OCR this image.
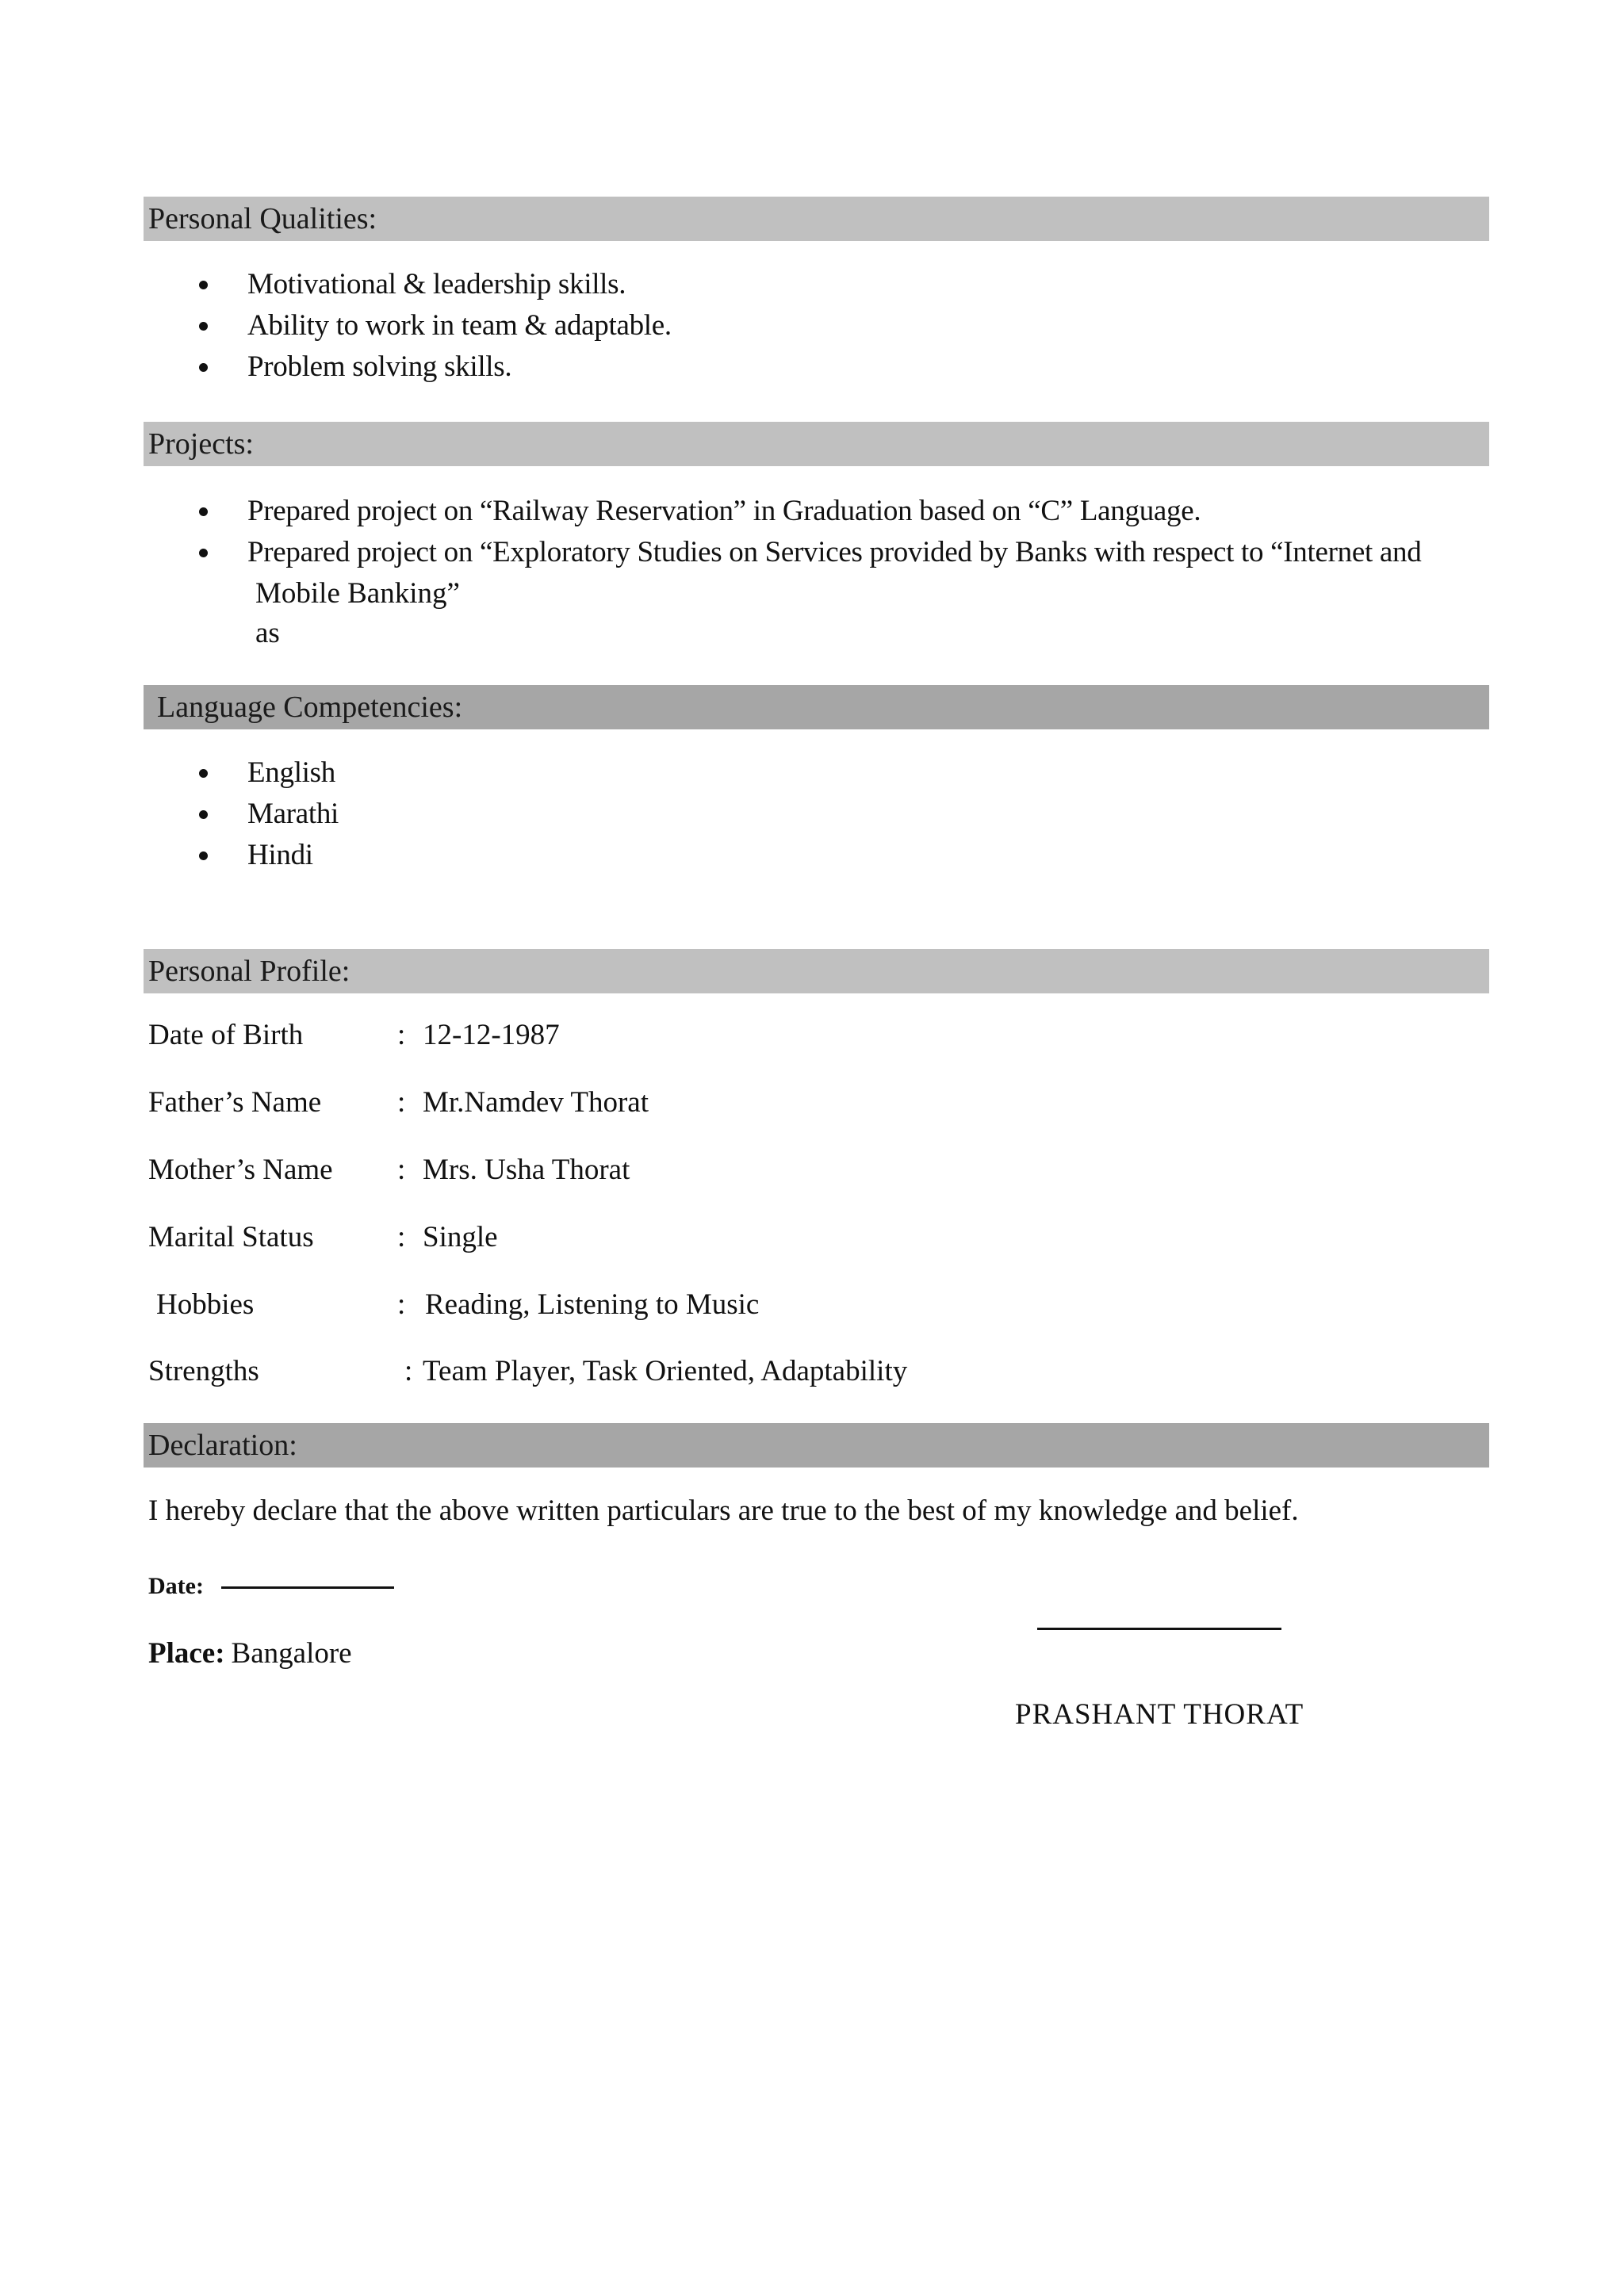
Personal Qualities:
Motivational & leadership skills.
Ability to work in team & adaptable.
Problem solving skills.
Projects:
Prepared project on “Railway Reservation” in Graduation based on “C” Language.
Prepared project on “Exploratory Studies on Services provided by Banks with respect to “Internet and
Mobile Banking”
as
Language Competencies:
English
Marathi
Hindi
Personal Profile:
Date of Birth	: 12-12-1987
Father’s Name	: Mr.Namdev Thorat
Mother’s Name : Mrs. Usha Thorat
Marital Status	: Single
Hobbies	: Reading, Listening to Music
Strengths	: Team Player, Task Oriented, Adaptability
Declaration:
I hereby declare that the above written particulars are true to the best of my knowledge and belief.
Date:
Place: Bangalore
PRASHANT THORAT
